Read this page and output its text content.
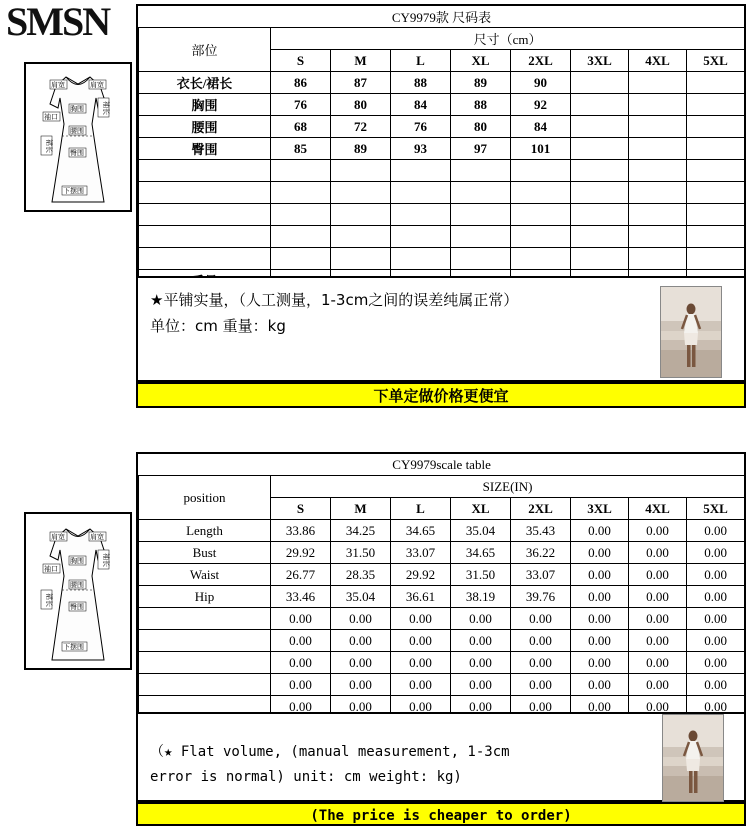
SMSN
肩宽	肩宽
袖长
胸围
袖口
腰围
裙长 臀围
下摆围
CY9979款 尺码表								
部位	尺寸（cm）							
	S	M	L	XL	2XL	3XL	4XL	5XL
衣长/裙长	86	87	88	89	90			
胸围	76	80	84	88	92			
腰围	68	72	76	80	84			
臀围	85	89	93	97	101			

★平铺实量，（人工测量，1-3cm之间的误差纯属正常）
单位：cm 重量：kg
下单定做价格更便宜
肩宽	肩宽
袖长
胸围
袖口
腰围
裙长 臀围
下摆围
CY9979scale table								
position	SIZE(IN)							
	S	M	L	XL	2XL	3XL	4XL	5XL
Length	33.86	34.25	34.65	35.04	35.43	0.00	0.00	0.00
Bust	29.92	31.50	33.07	34.65	36.22	0.00	0.00	0.00
Waist	26.77	28.35	29.92	31.50	33.07	0.00	0.00	0.00
Hip	33.46	35.04	36.61	38.19	39.76	0.00	0.00	0.00
	0.00	0.00	0.00	0.00	0.00	0.00	0.00	0.00
	0.00	0.00	0.00	0.00	0.00	0.00	0.00	0.00
	0.00	0.00	0.00	0.00	0.00	0.00	0.00	0.00
	0.00	0.00	0.00	0.00	0.00	0.00	0.00	0.00
	0.00	0.00	0.00	0.00	0.00	0.00	0.00	0.00

（★ Flat volume, (manual measurement, 1-3cm
error is normal) unit: cm weight: kg)
(The price is cheaper to order)
